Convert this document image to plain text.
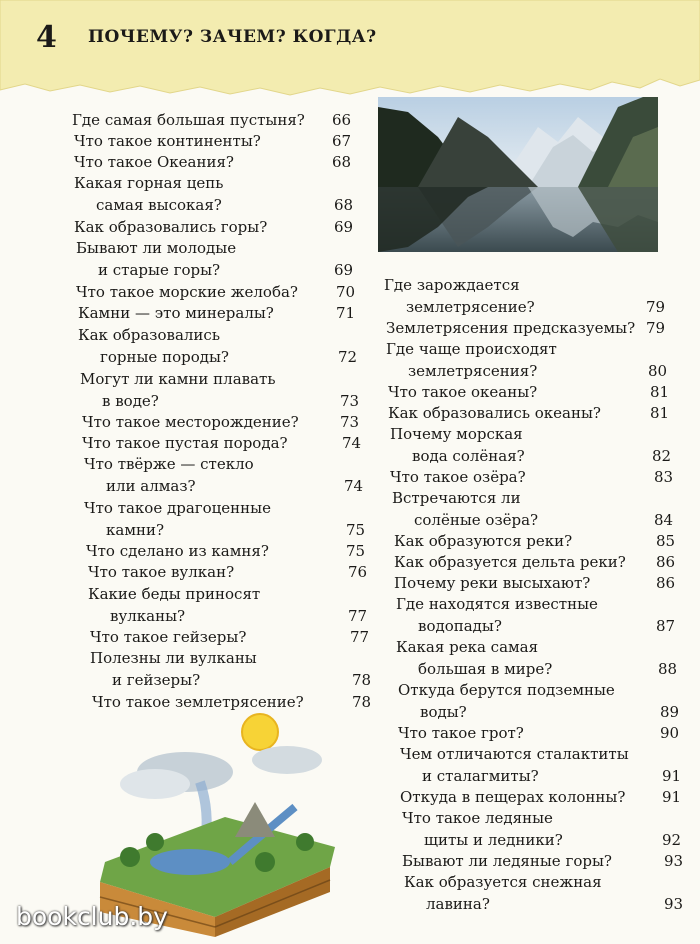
4 ПОЧЕМУ? ЗАЧЕМ? КОГДА?
Где самая большая пустыня?	66
Что такое континенты?	67
Что такое Океания?	68
Какая горная цепь
самая высокая?	68
Как образовались горы?	69
Бывают ли молодые
и старые горы?	69
Что такое морские желоба?	70
Камни — это минералы?	71
Как образовались
горные породы?	72
Могут ли камни плавать
в воде?	73
Что такое месторождение?	73
Что такое пустая порода?	74
Что твёрже — стекло
или алмаз?	74
Что такое драгоценные
камни?	75
Что сделано из камня?	75
Что такое вулкан?	76
Какие беды приносят
вулканы?	77
Что такое гейзеры?	77
Полезны ли вулканы
и гейзеры?	78
Что такое землетрясение?	78
Где зарождается
землетрясение?	79
Землетрясения предсказуемы? 79
Где чаще происходят
землетрясения?	80
Что такое океаны?	81
Как образовались океаны?	81
Почему морская
вода солёная?	82
Что такое озёра?	83
Встречаются ли
солёные озёра?	84
Как образуются реки?	85
Как образуется дельта реки?	86
Почему реки высыхают?	86
Где находятся известные
водопады?	87
Какая река самая
большая в мире?	88
Откуда берутся подземные
воды?	89
Что такое грот?	90
Чем отличаются сталактиты
и сталагмиты?	91
Откуда в пещерах колонны?	91
Что такое ледяные
щиты и ледники?	92
Бывают ли ледяные горы?	93
Как образуется снежная
лавина?	93
bookclub.by
